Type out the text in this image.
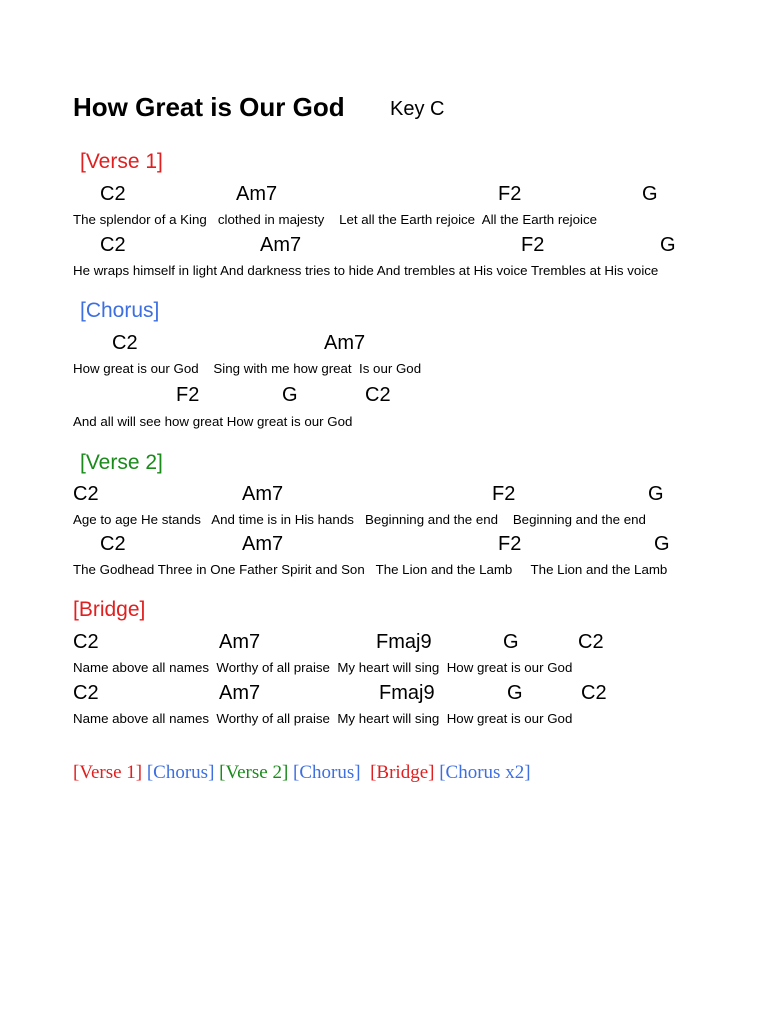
How Great is Our God Key C
[Verse 1]
C2	Am7	F2	G
The splendor of a King   clothed in majesty    Let all the Earth rejoice  All the Earth rejoice
C2	Am7	F2	G
He wraps himself in light And darkness tries to hide And trembles at His voice Trembles at His voice
[Chorus]
C2	Am7
How great is our God    Sing with me how great  Is our God
F2	G	C2
And all will see how great How great is our God
[Verse 2]
C2	Am7	F2	G
Age to age He stands   And time is in His hands   Beginning and the end    Beginning and the end
C2	Am7	F2	G
The Godhead Three in One Father Spirit and Son   The Lion and the Lamb     The Lion and the Lamb
[Bridge]
C2	Am7	Fmaj9	G	C2
Name above all names  Worthy of all praise  My heart will sing  How great is our God
C2	Am7	Fmaj9	G	C2
Name above all names  Worthy of all praise  My heart will sing  How great is our God
[Verse 1] [Chorus] [Verse 2] [Chorus] [Bridge] [Chorus x2]
